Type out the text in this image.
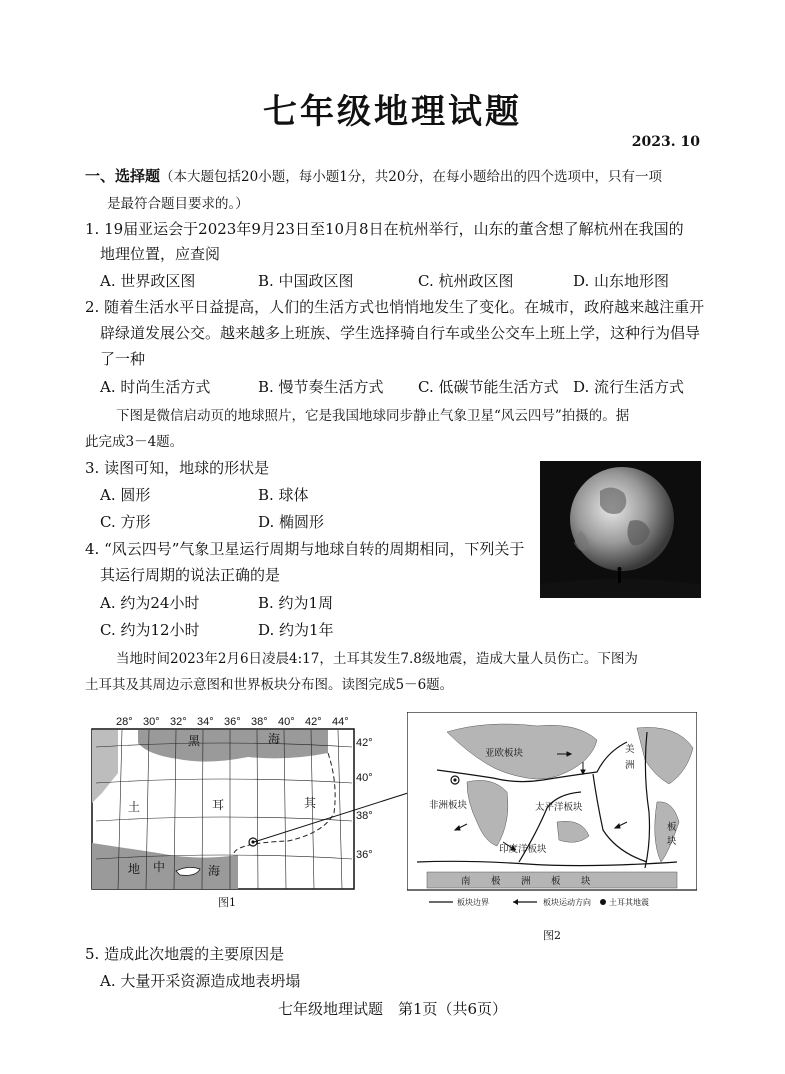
七年级地理试题
2023. 10
一、选择题（本大题包括20小题，每小题1分，共20分，在每小题给出的四个选项中，只有一项
是最符合题目要求的。）
1. 19届亚运会于2023年9月23日至10月8日在杭州举行，山东的董含想了解杭州在我国的
地理位置，应查阅
A. 世界政区图	B. 中国政区图	C. 杭州政区图	D. 山东地形图
2. 随着生活水平日益提高，人们的生活方式也悄悄地发生了变化。在城市，政府越来越注重开
辟绿道发展公交。越来越多上班族、学生选择骑自行车或坐公交车上班上学，这种行为倡导
了一种
A. 时尚生活方式	B. 慢节奏生活方式 C. 低碳节能生活方式 D. 流行生活方式
下图是微信启动页的地球照片，它是我国地球同步静止气象卫星“风云四号”拍摄的。据
此完成3－4题。
3. 读图可知，地球的形状是
A. 圆形	B. 球体
C. 方形	D. 椭圆形
4. “风云四号”气象卫星运行周期与地球自转的周期相同，下列关于
其运行周期的说法正确的是
A. 约为24小时	B. 约为1周
C. 约为12小时	D. 约为1年
当地时间2023年2月6日凌晨4:17，土耳其发生7.8级地震，造成大量人员伤亡。下图为
土耳其及其周边示意图和世界板块分布图。读图完成5－6题。
28° 30° 32° 34° 36° 38° 40° 42° 44°
42°
40°
38°
36°
黑	海
土	耳	其
地 中	海
图1
亚欧板块
非洲板块
印度洋板块
太平洋板块
美
洲
板
块
南 极 洲 板 块
板块边界	板块运动方向 土耳其地震
图2
5. 造成此次地震的主要原因是
A. 大量开采资源造成地表坍塌
七年级地理试题　第1页（共6页）
